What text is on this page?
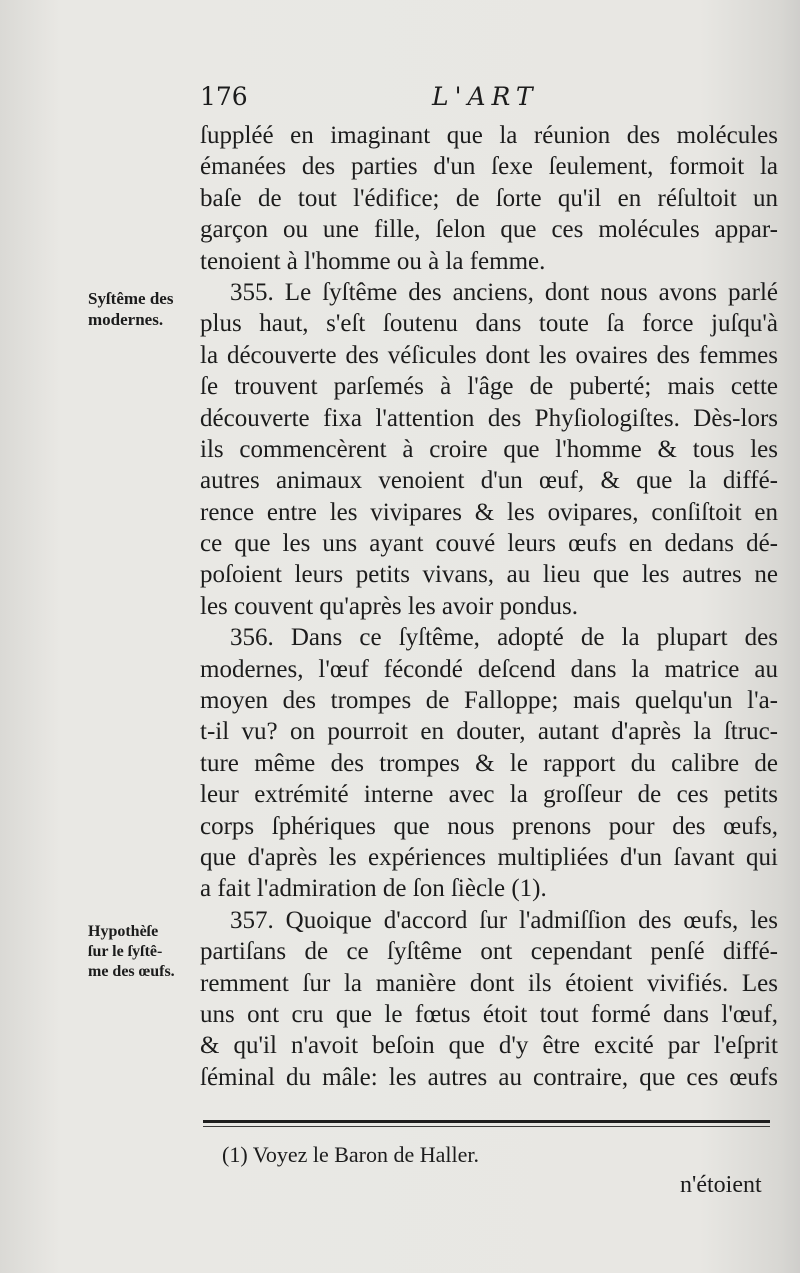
176	L'ART
Syſtême des
modernes.
Hypothèſe
ſur le ſyſtê-
me des œufs.
ſuppléé en imaginant que la réunion des molécules
émanées des parties d'un ſexe ſeulement, formoit la
baſe de tout l'édifice; de ſorte qu'il en réſultoit un
garçon ou une fille, ſelon que ces molécules appar-
tenoient à l'homme ou à la femme.
355. Le ſyſtême des anciens, dont nous avons parlé
plus haut, s'eſt ſoutenu dans toute ſa force juſqu'à
la découverte des véſicules dont les ovaires des femmes
ſe trouvent parſemés à l'âge de puberté; mais cette
découverte fixa l'attention des Phyſiologiſtes. Dès-lors
ils commencèrent à croire que l'homme & tous les
autres animaux venoient d'un œuf, & que la diffé-
rence entre les vivipares & les ovipares, conſiſtoit en
ce que les uns ayant couvé leurs œufs en dedans dé-
poſoient leurs petits vivans, au lieu que les autres ne
les couvent qu'après les avoir pondus.
356. Dans ce ſyſtême, adopté de la plupart des
modernes, l'œuf fécondé deſcend dans la matrice au
moyen des trompes de Falloppe; mais quelqu'un l'a-
t-il vu? on pourroit en douter, autant d'après la ſtruc-
ture même des trompes & le rapport du calibre de
leur extrémité interne avec la groſſeur de ces petits
corps ſphériques que nous prenons pour des œufs,
que d'après les expériences multipliées d'un ſavant qui
a fait l'admiration de ſon ſiècle (1).
357. Quoique d'accord ſur l'admiſſion des œufs, les
partiſans de ce ſyſtême ont cependant penſé diffé-
remment ſur la manière dont ils étoient vivifiés. Les
uns ont cru que le fœtus étoit tout formé dans l'œuf,
& qu'il n'avoit beſoin que d'y être excité par l'eſprit
ſéminal du mâle: les autres au contraire, que ces œufs
(1) Voyez le Baron de Haller.
n'étoient
